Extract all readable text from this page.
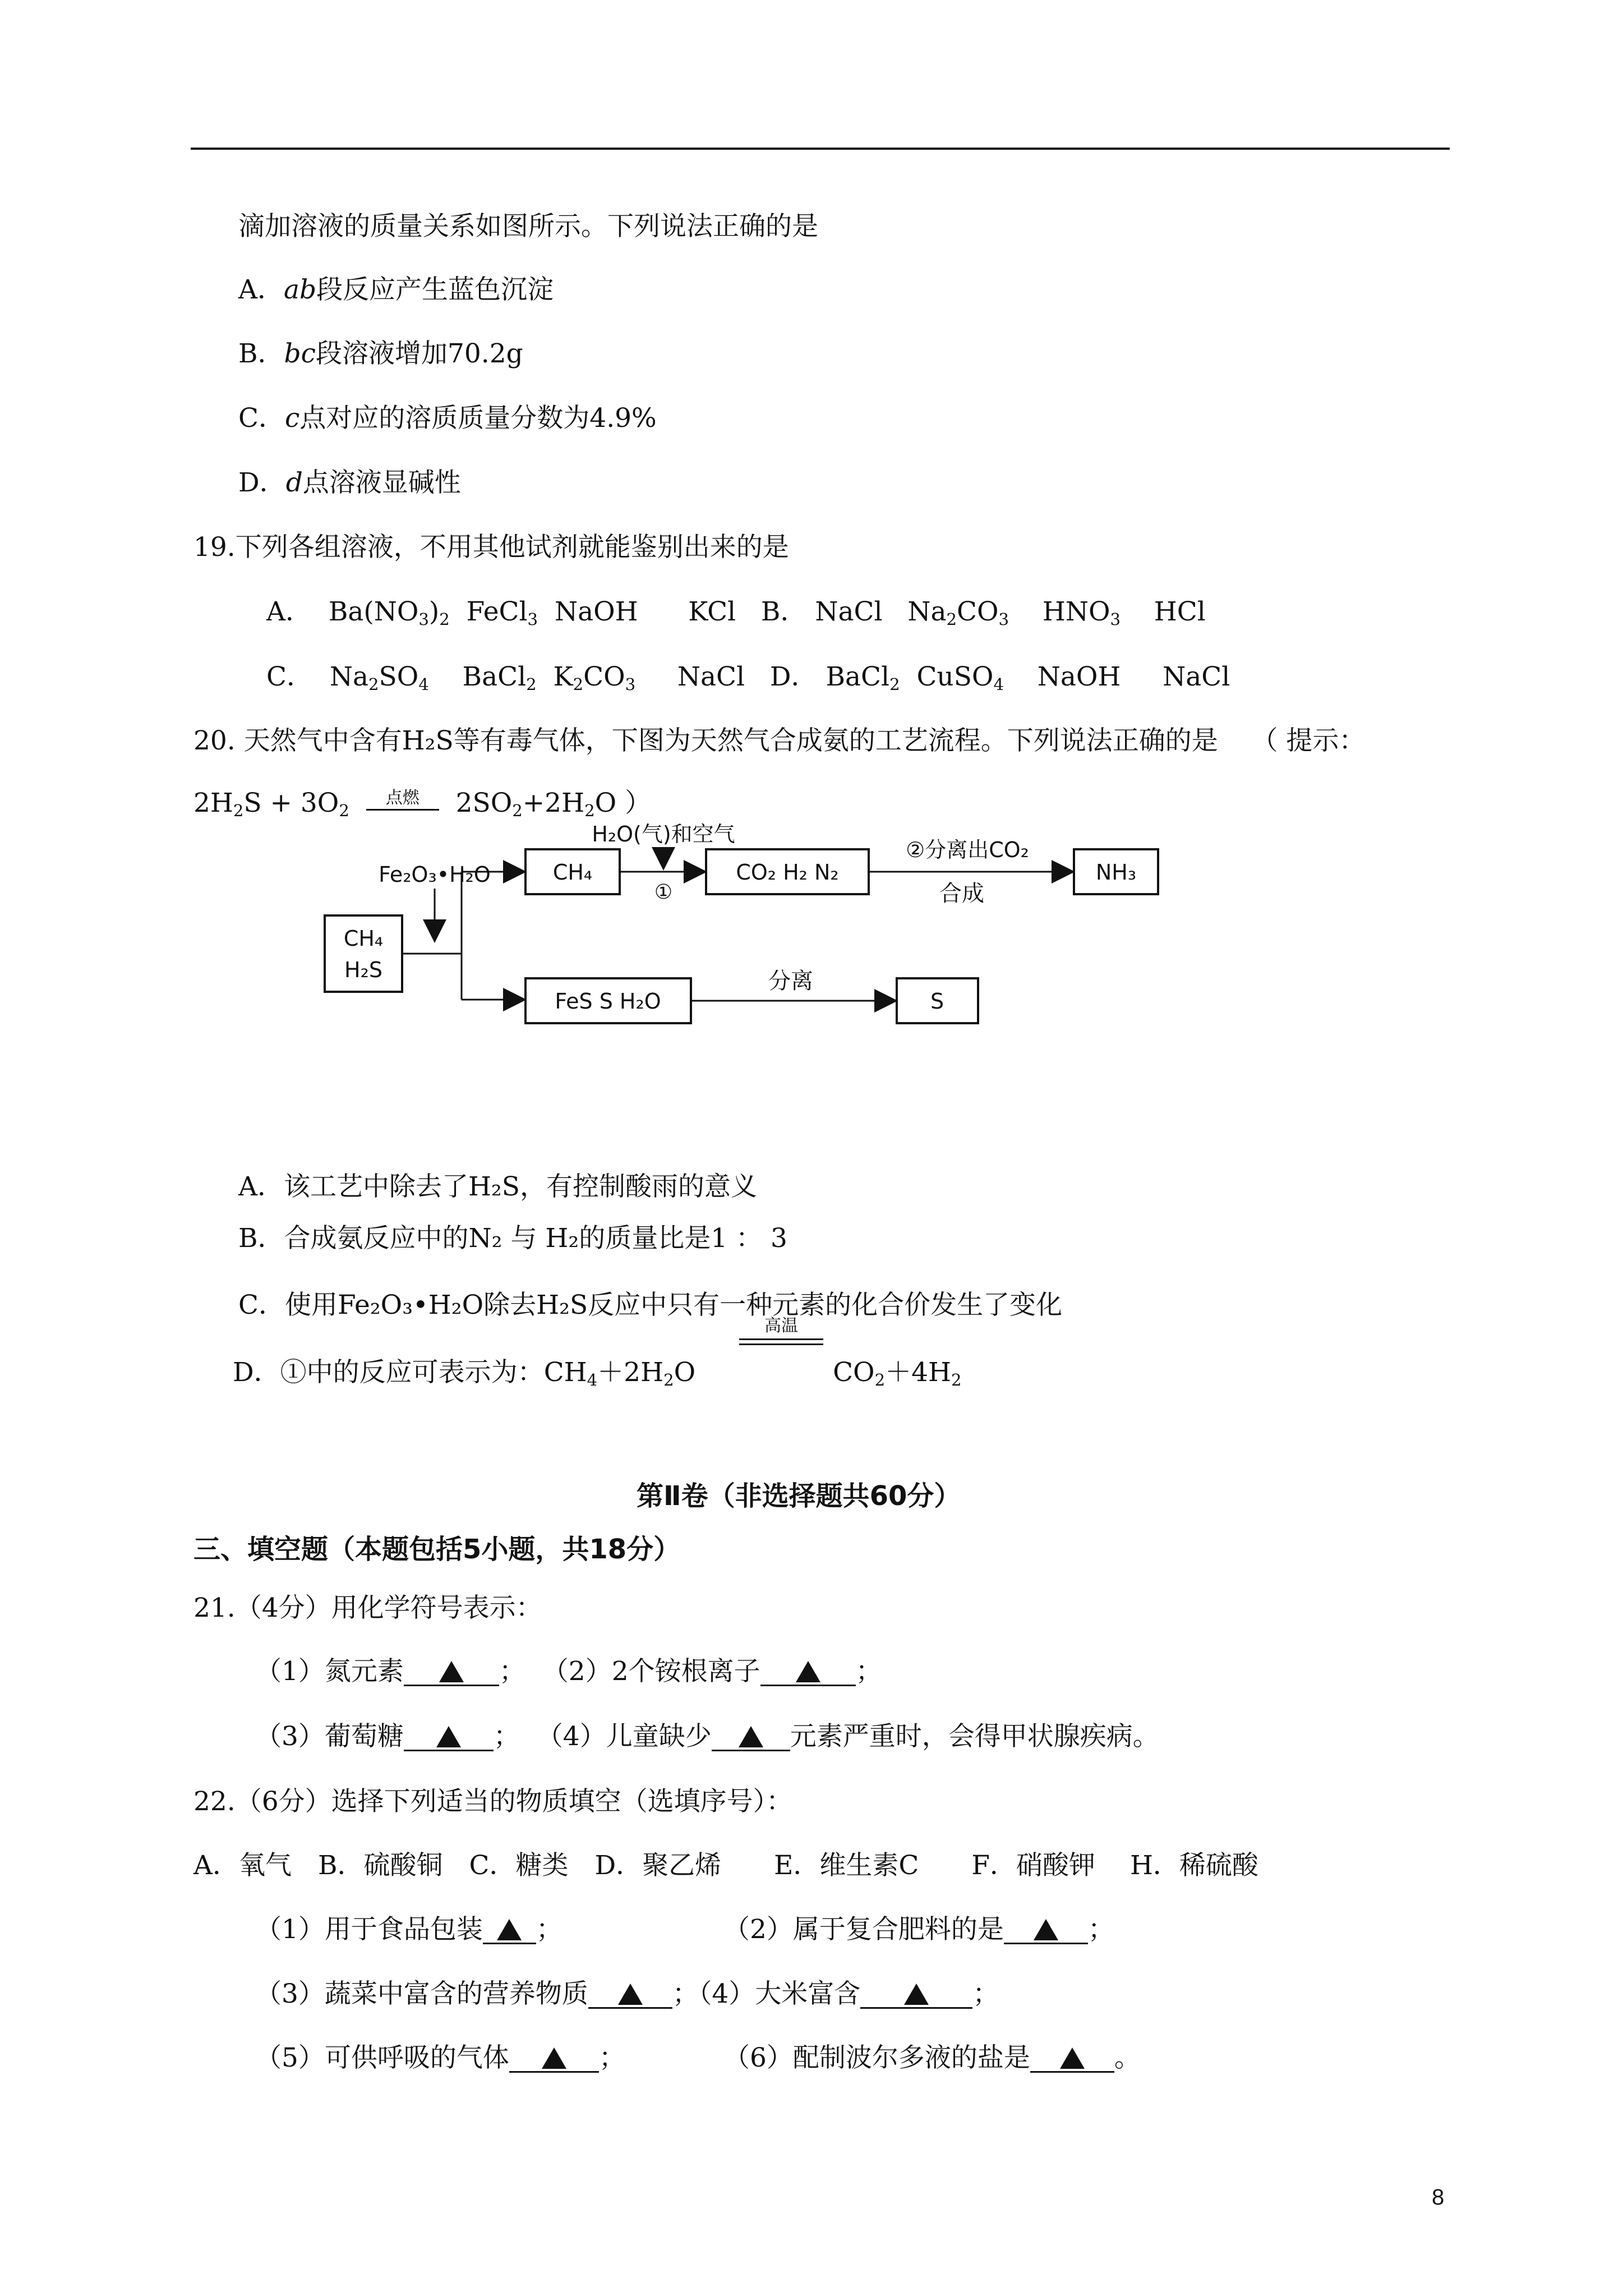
滴加溶液的质量关系如图所示。下列说法正确的是
A．ab段反应产生蓝色沉淀
B．bc段溶液增加70.2g
C．c点对应的溶质质量分数为4.9%
D．d点溶液显碱性
19.下列各组溶液，不用其他试剂就能鉴别出来的是
A．  $Ba(NO_3)_2$  FeCl$_3$  NaOH      KCl   B． NaCl   $Na_2CO_3$    $HNO_3$    HCl
C．  $Na_2SO_4$    BaCl$_2$  $K_2CO_3$     NaCl   D． BaCl$_2$  CuSO$_4$    NaOH     NaCl
20. 天然气中含有H₂S等有毒气体，下图为天然气合成氨的工艺流程。下列说法正确的是 （ 提示：
$2H_2S + 3O_2$
点燃 $2SO_2+2H_2O$ ）
CH₄
H₂S
Fe₂O₃•H₂O	CH₄
H₂O(气)和空气
①
CO₂ H₂ N₂
②分离出CO₂
合成
NH₃
FeS S H₂O
分离
S
A．该工艺中除去了H₂S，有控制酸雨的意义
B．合成氨反应中的N₂ 与 H₂的质量比是1 ： 3
C．使用Fe₂O₃•H₂O除去H₂S反应中只有一种元素的化合价发生了变化
高温
D．①中的反应可表示为：$CH_4+2H_2O$	$CO_2+4H_2$
第Ⅱ卷（非选择题共60分）
三、填空题（本题包括5小题，共18分）
21.（4分）用化学符号表示：
（1）氮元素	；  （2）2个铵根离子	；
（3）葡萄糖	；  （4）儿童缺少	元素严重时，会得甲状腺疾病。
22.（6分）选择下列适当的物质填空（选填序号）：
A．氧气　B．硫酸铜　C．糖类　D．聚乙烯　　E．维生素C　　F．硝酸钾　 H．稀硫酸
（1）用于食品包装 ；	（2）属于复合肥料的是	；
（3）蔬菜中富含的营养物质	；（4）大米富含	；
（5）可供呼吸的气体	；	（6）配制波尔多液的盐是	。
8
